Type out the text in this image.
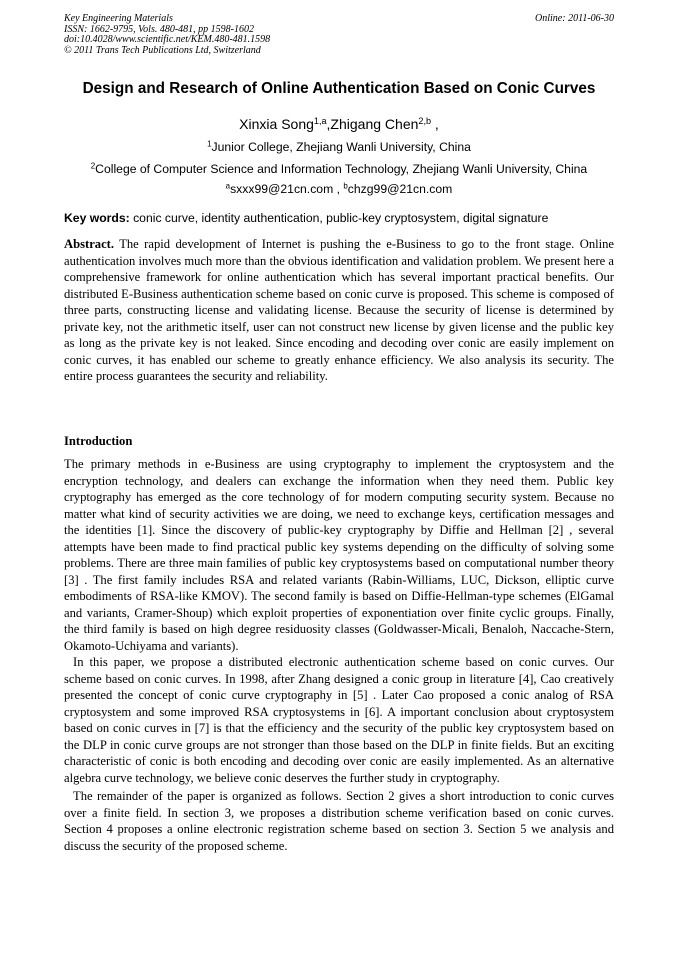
Key Engineering Materials
ISSN: 1662-9795, Vols. 480-481, pp 1598-1602
doi:10.4028/www.scientific.net/KEM.480-481.1598
© 2011 Trans Tech Publications Ltd, Switzerland
Online: 2011-06-30
Design and Research of Online Authentication Based on Conic Curves
Xinxia Song$^{1,a}$,Zhigang Chen$^{2,b}$ ,
$^1$Junior College, Zhejiang Wanli University, China
$^2$College of Computer Science and Information Technology, Zhejiang Wanli University, China
$^a$sxxx99@21cn.com , $^b$chzg99@21cn.com
Key words: conic curve, identity authentication, public-key cryptosystem, digital signature
Abstract. The rapid development of Internet is pushing the e-Business to go to the front stage. Online authentication involves much more than the obvious identification and validation problem. We present here a comprehensive framework for online authentication which has several important practical benefits. Our distributed E-Business authentication scheme based on conic curve is proposed. This scheme is composed of three parts, constructing license and validating license. Because the security of license is determined by private key, not the arithmetic itself, user can not construct new license by given license and the public key as long as the private key is not leaked. Since encoding and decoding over conic are easily implement on conic curves, it has enabled our scheme to greatly enhance efficiency. We also analysis its security. The entire process guarantees the security and reliability.
Introduction

The primary methods in e-Business are using cryptography to implement the cryptosystem and the encryption technology, and dealers can exchange the information when they need them. Public key cryptography has emerged as the core technology of for modern computing security system. Because no matter what kind of security activities we are doing, we need to exchange keys, certification messages and the identities [1]. Since the discovery of public-key cryptography by Diffie and Hellman [2] , several attempts have been made to find practical public key systems depending on the difficulty of solving some problems. There are three main families of public key cryptosystems based on computational number theory [3] . The first family includes RSA and related variants (Rabin-Williams, LUC, Dickson, elliptic curve embodiments of RSA-like KMOV). The second family is based on Diffie-Hellman-type schemes (ElGamal and variants, Cramer-Shoup) which exploit properties of exponentiation over finite cyclic groups. Finally, the third family is based on high degree residuosity classes (Goldwasser-Micali, Benaloh, Naccache-Stern, Okamoto-Uchiyama and variants).

In this paper, we propose a distributed electronic authentication scheme based on conic curves. Our scheme based on conic curves. In 1998, after Zhang designed a conic group in literature [4], Cao creatively presented the concept of conic curve cryptography in [5] . Later Cao proposed a conic analog of RSA cryptosystem and some improved RSA cryptosystems in [6]. A important conclusion about cryptosystem based on conic curves in [7] is that the efficiency and the security of the public key cryptosystem based on the DLP in conic curve groups are not stronger than those based on the DLP in finite fields. But an exciting characteristic of conic is both encoding and decoding over conic are easily implemented. As an alternative algebra curve technology, we believe conic deserves the further study in cryptography.

The remainder of the paper is organized as follows. Section 2 gives a short introduction to conic curves over a finite field. In section 3, we proposes a distribution scheme verification based on conic curves. Section 4 proposes a online electronic registration scheme based on section 3. Section 5 we analysis and discuss the security of the proposed scheme.
